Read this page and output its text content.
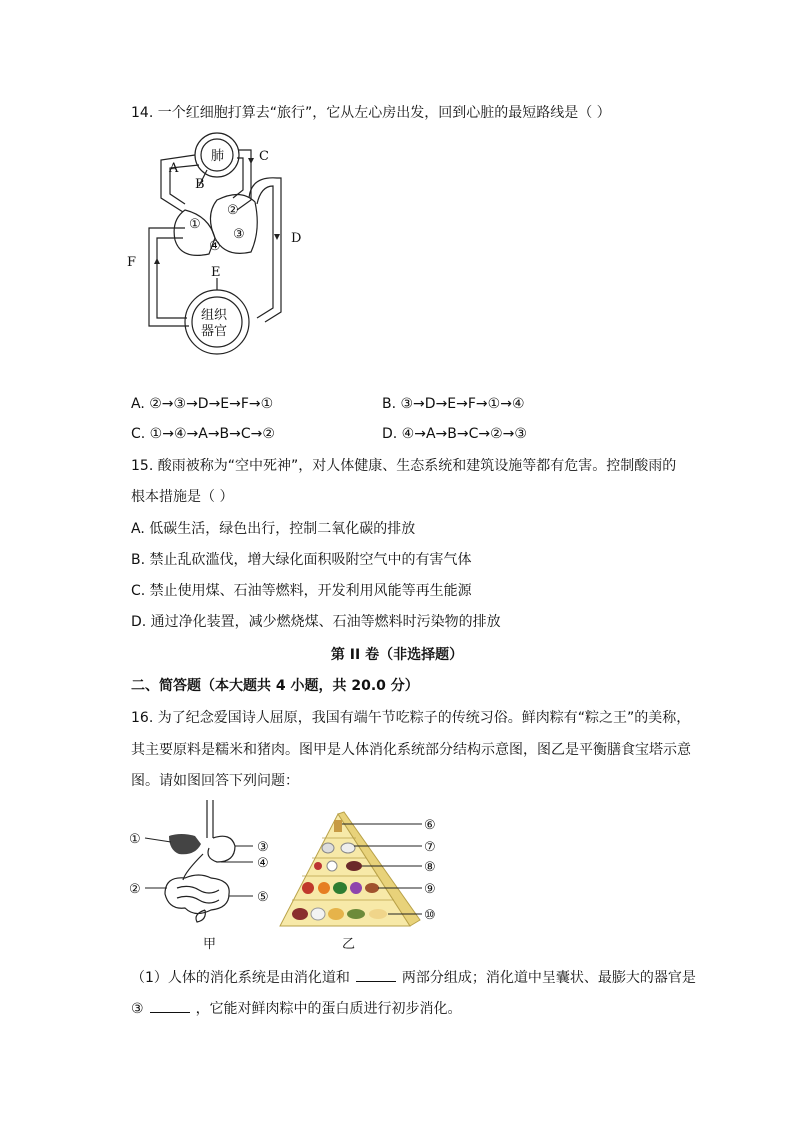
14. 一个红细胞打算去“旅行”，它从左心房出发，回到心脏的最短路线是（ ）
肺
组织
器官
A
B
C
D
E
F
①
②
③
④
A. ②→③→D→E→F→①	B. ③→D→E→F→①→④
C. ①→④→A→B→C→②	D. ④→A→B→C→②→③
15. 酸雨被称为“空中死神”，对人体健康、生态系统和建筑设施等都有危害。控制酸雨的
根本措施是（ ）
A. 低碳生活，绿色出行，控制二氧化碳的排放
B. 禁止乱砍滥伐，增大绿化面积吸附空气中的有害气体
C. 禁止使用煤、石油等燃料，开发利用风能等再生能源
D. 通过净化装置，减少燃烧煤、石油等燃料时污染物的排放
第 II 卷（非选择题）
二、简答题（本大题共 4 小题，共 20.0 分）
16. 为了纪念爱国诗人屈原，我国有端午节吃粽子的传统习俗。鲜肉粽有“粽之王”的美称，
其主要原料是糯米和猪肉。图甲是人体消化系统部分结构示意图，图乙是平衡膳食宝塔示意
图。请如图回答下列问题：
①
②
③
④
⑤
甲
⑥
⑦
⑧
⑨
⑩
乙
（1）人体的消化系统是由消化道和	两部分组成；消化道中呈囊状、最膨大的器官是
③	，它能对鲜肉粽中的蛋白质进行初步消化。
